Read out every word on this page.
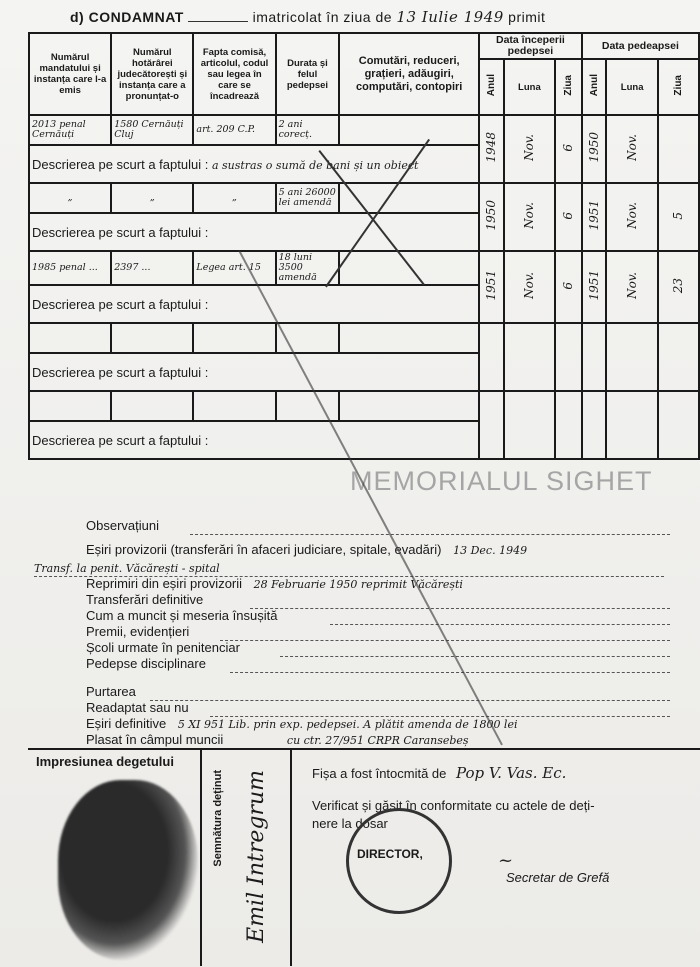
d) CONDAMNAT	imatricolat în ziua de 13 Iulie 1949 primit
Numărul mandatului și instanța care l-a emis	Numărul hotărârei judecătorești și instanța care a pronunțat-o	Fapta comisă, articolul, codul sau legea în care se încadrează	Durata și felul pedepsei	Comutări, reduceri, grațieri, adăugiri, computări, contopiri	Data începerii pedepsei			Data pedeapsei		
					Anul	Luna	Ziua	Anul	Luna	Ziua
2013 penal Cernăuți	1580 Cernăuți Cluj	art. 209 C.P.	2 ani corecț.		1948	Nov.	6	1950	Nov.	
Descrierea pe scurt a faptului : a sustras o sumă de bani și un obiect										
„	„	„	5 ani 26000 lei amendă		1950	Nov.	6	1951	Nov.	5
Descrierea pe scurt a faptului :										
1985 penal ...	2397 ...	Legea art. 15	18 luni 3500 amendă		1951	Nov.	6	1951	Nov.	23
Descrierea pe scurt a faptului :										

Descrierea pe scurt a faptului :										

Descrierea pe scurt a faptului :										
MEMORIALUL SIGHET
Observațiuni
Eșiri provizorii (transferări în afaceri judiciare, spitale, evadări) 13 Dec. 1949
Transf. la penit. Văcărești - spital
Reprimiri din eșiri provizorii 28 Februarie 1950 reprimit Văcărești
Transferări definitive
Cum a muncit și meseria însușită
Premii, evidențieri
Școli urmate în penitenciar
Pedepse disciplinare
Purtarea
Readaptat sau nu
Eșiri definitive 5 XI 951 Lib. prin exp. pedepsei. A plătit amenda de 1800 lei
Plasat în câmpul muncii	cu ctr. 27/951 CRPR Caransebeș
Impresiunea degetului
Semnătura deținut Emil Intregrum	Fișa a fost întocmită de Pop V. Vas. Ec.
Verificat și găsit în conformitate cu actele de deți-
nere la dosar
DIRECTOR,	~
Secretar de Grefă
